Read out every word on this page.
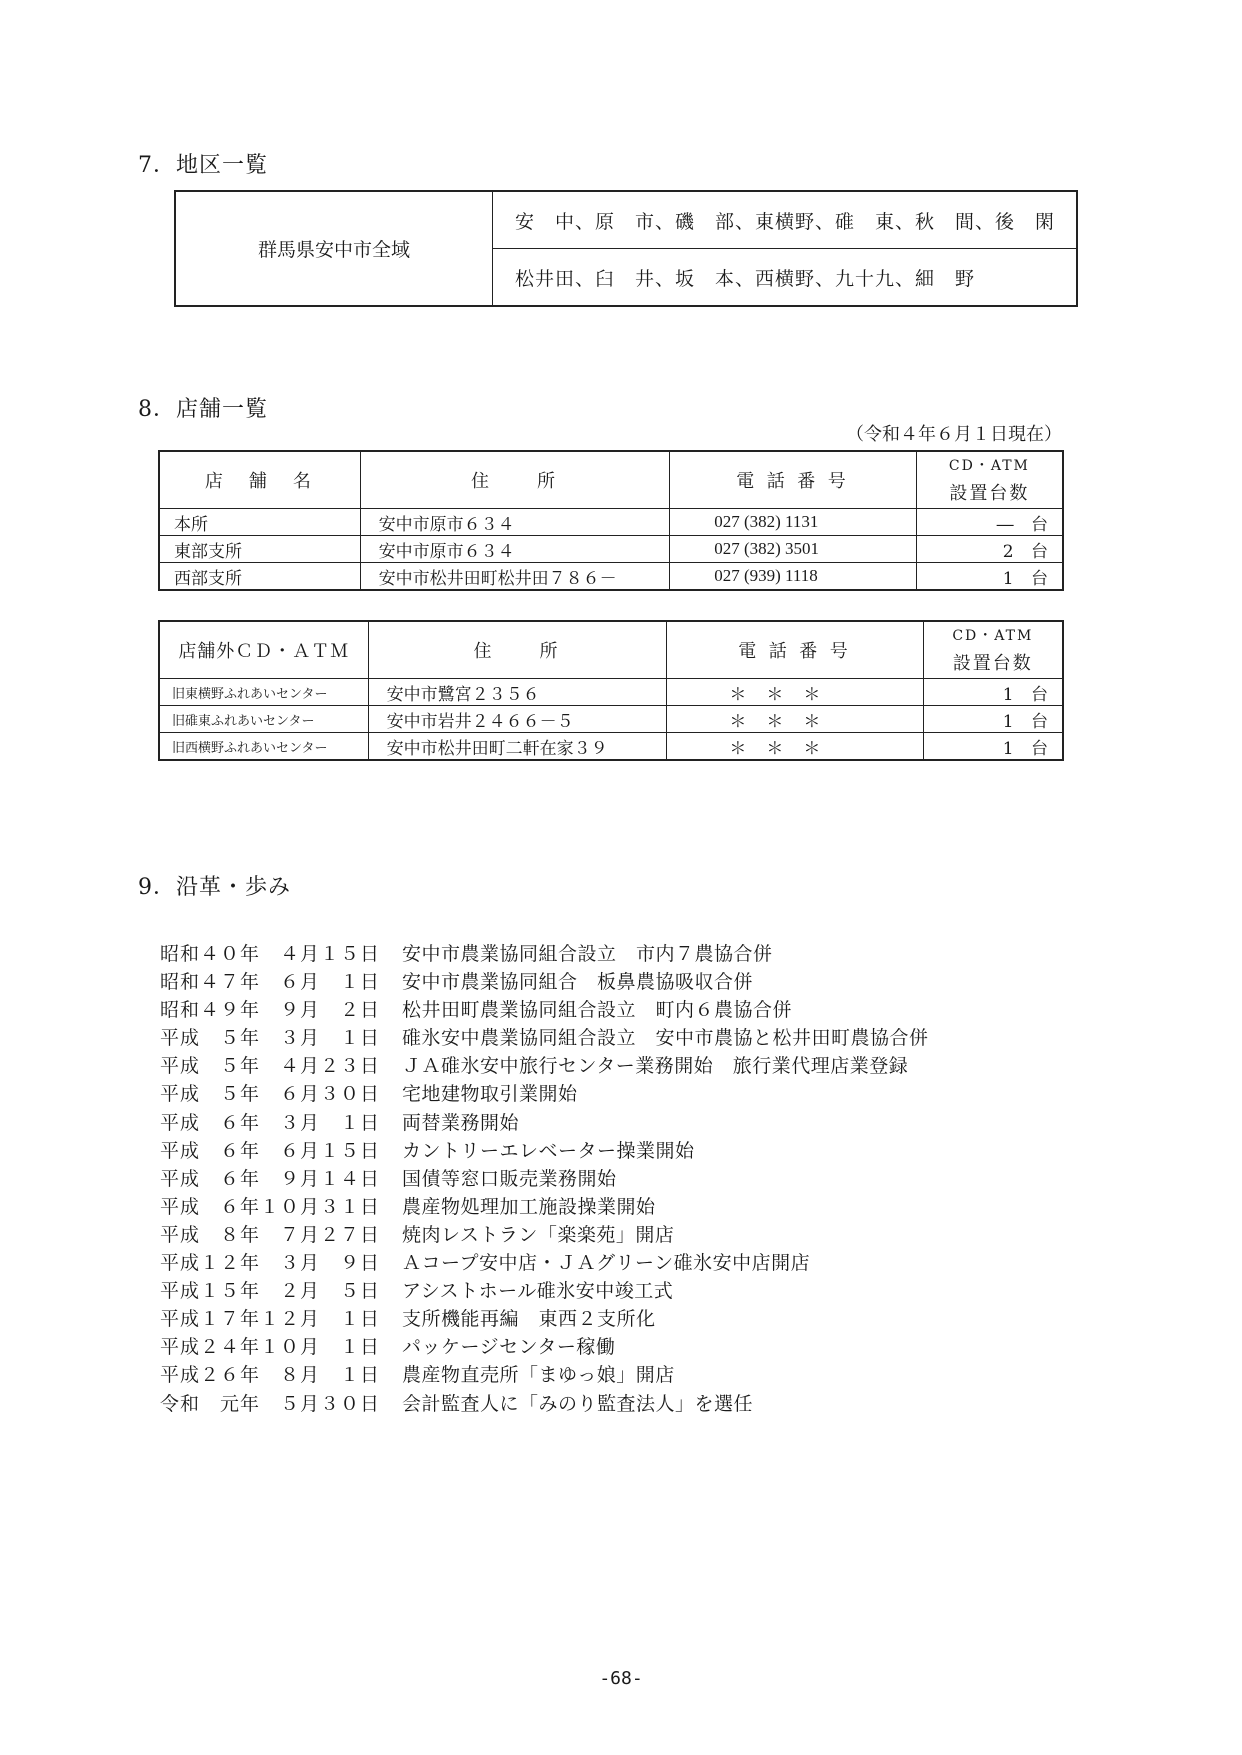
7．地区一覧
群馬県安中市全域	安　中、原　市、磯　部、東横野、碓　東、秋　間、後　閑
松井田、臼　井、坂　本、西横野、九十九、細　野
8．店舗一覧
（令和４年６月１日現在）
店　舗　名	住　　所	電 話 番 号	CD・ATM
設置台数
本所	安中市原市６３４	027 (382) 1131	― 台
東部支所	安中市原市６３４	027 (382) 3501	2 台
西部支所	安中市松井田町松井田７８６－	027 (939) 1118	1 台
店舗外ＣＤ・ＡＴＭ	住　　所	電 話 番 号	CD・ATM
設置台数
旧東横野ふれあいセンター	安中市鷺宮２３５６	＊＊＊	1 台
旧碓東ふれあいセンター	安中市岩井２４６６－５	＊＊＊	1 台
旧西横野ふれあいセンター	安中市松井田町二軒在家３９	＊＊＊	1 台
9．沿革・歩み
昭和４０年　４月１５日	安中市農業協同組合設立　市内７農協合併
昭和４７年　６月　１日	安中市農業協同組合　板鼻農協吸収合併
昭和４９年　９月　２日	松井田町農業協同組合設立　町内６農協合併
平成　５年　３月　１日	碓氷安中農業協同組合設立　安中市農協と松井田町農協合併
平成　５年　４月２３日	ＪＡ碓氷安中旅行センター業務開始　旅行業代理店業登録
平成　５年　６月３０日	宅地建物取引業開始
平成　６年　３月　１日	両替業務開始
平成　６年　６月１５日	カントリーエレベーター操業開始
平成　６年　９月１４日	国債等窓口販売業務開始
平成　６年１０月３１日	農産物処理加工施設操業開始
平成　８年　７月２７日	焼肉レストラン「楽楽苑」開店
平成１２年　３月　９日	Ａコープ安中店・ＪＡグリーン碓氷安中店開店
平成１５年　２月　５日	アシストホール碓氷安中竣工式
平成１７年１２月　１日	支所機能再編　東西２支所化
平成２４年１０月　１日	パッケージセンター稼働
平成２６年　８月　１日	農産物直売所「まゆっ娘」開店
令和　元年　５月３０日	会計監査人に「みのり監査法人」を選任
-68-
